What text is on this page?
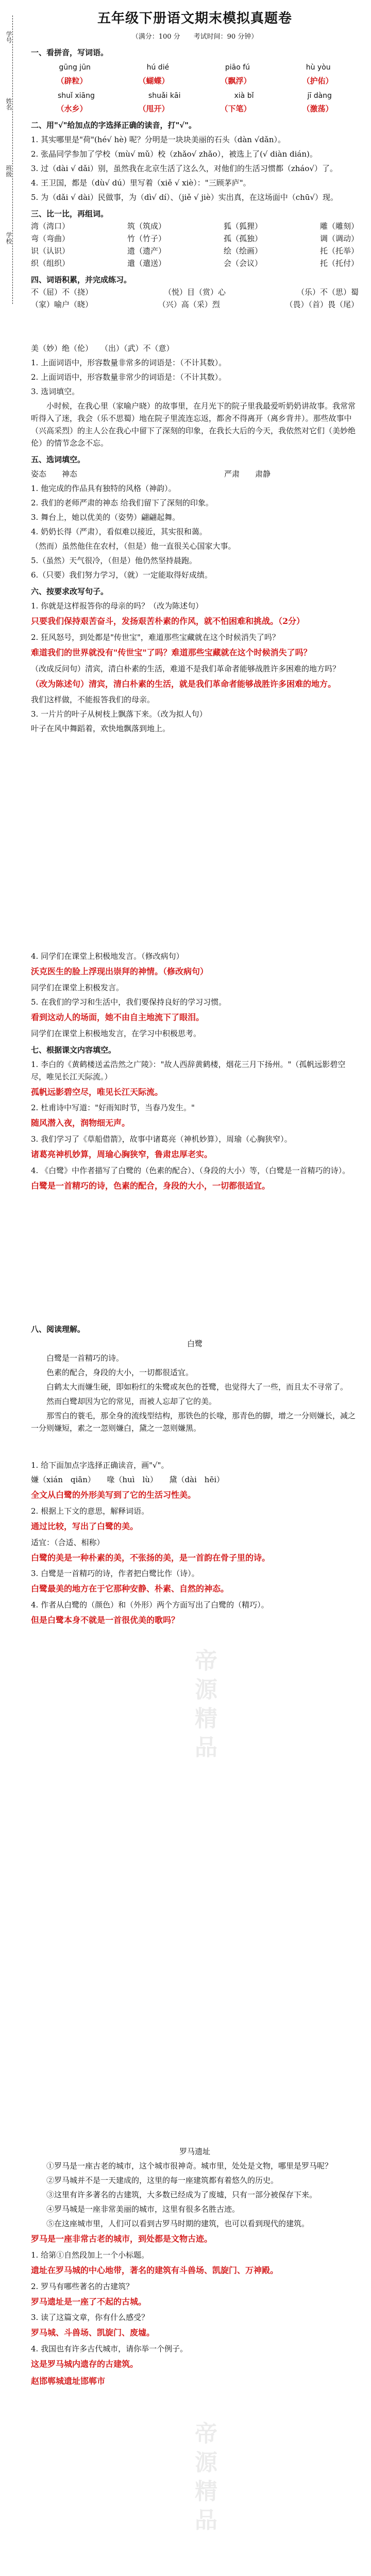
学号
姓名
班级
学校
帝源精品
帝源精品
五年级下册语文期末模拟真题卷
（满分：100 分　　考试时间：90 分钟）
一、看拼音，写词语。
gūng jūn	hú dié	piāo fú	hù yòu
（辟粒）	（蝴蝶）	（飘浮）	（护佑）
shuǐ xiāng	shuǎi kāi	xià bǐ	jī dàng
（水乡）	（甩开）	（下笔）	（激荡）
二、用"√"给加点的字选择正确的读音，打"√"。
1. 其实哪里是"荷"(hé√ hè) 呢？分明是一块块美丽的石头（dàn √dǎn）。
2. 张晶同学参加了学校（mù√ mǔ）校（zhǎo√ zhǎo），被选上了(√ diàn dián)。
3. 过（dài √ dǎi）别，虽然我在北京生活了这么久，对他们的生活习惯都（zháo√）了。
4. 王卫国，都是（dù√ dú）里写着（xiě √ xiè）："三顾茅庐"。
5. 为（dǎi √ dài）民做事，为（dì√ dí）、（jiě √ jiè）实出真，在这场面中（chū√）现。
三、比一比，再组词。
湾（湾口）	筑（筑成）	狐（狐狸）	雕（雕刻）
弯（弯曲）	竹（竹子）	孤（孤独）	调（调动）
识（认识）	遗（遗产）	绘（绘画）	托（托举）
织（组织）	遣（遣送）	会（会议）	托（托付）
四、词语积累，并完成练习。
不（屈）不（挠）	（悦）目（赏）心	（乐）不（思）蜀
（家）喻户（晓）	（兴）高（采）烈	（畏）（首）畏（尾）
美（妙）绝（伦）　　（出）（武）不（意）
1. 上面词语中，形容数量非常多的词语是：（不计其数）。
2. 上面词语中，形容数量非常少的词语是：（不计其数）。
3. 选词填空。
小时候，在我心里（家喻户晓）的故事里，在月光下的院子里我最爱听奶奶讲故事。我常常听得入了迷，我会（乐不思蜀）地在院子里流连忘返，都舍不得离开（离乡背井）。那些故事中（兴高采烈）的主人公在我心中留下了深刻的印象，在我长大后的今天，我依然对它们（美妙绝伦）的情节念念不忘。
五、选词填空。
姿态　　神态　　　　　　　　　　　　　　　　　　　严肃　　肃静
1. 他完成的作品具有独特的风格（神韵）。
2. 我们的老师严肃的神态 给我们留下了深刻的印象。
3. 舞台上，她以优美的（姿势）翩翩起舞。
4. 奶奶长得（严肃），看似难以接近，其实很和蔼。
（然而）虽然他住在农村，（但是）他一直很关心国家大事。
5.（虽然）天气很冷，（但是）他仍然坚持晨跑。
6.（只要）我们努力学习，（就）一定能取得好成绩。
六、按要求改写句子。
1. 你就是这样报答你的母亲的吗？（改为陈述句）
只要我们保持艰苦奋斗，发扬艰苦朴素的作风，就不怕困难和挑战。（2分）
2. 狂风怒号，到处都是"传世宝"，难道那些宝藏就在这个时候消失了吗？
难道我们的世界就没有"传世宝"了吗？难道那些宝藏就在这个时候消失了吗？
（改成反问句）清宾，清白朴素的生活，难道不是我们革命者能够战胜许多困难的地方吗？
（改为陈述句）清宾，清白朴素的生活，就是我们革命者能够战胜许多困难的地方。
我们这样做，不能报答我们的母亲。
3. 一片片的叶子从树枝上飘落下来。（改为拟人句）
叶子在风中舞蹈着，欢快地飘落到地上。
4. 同学们在课堂上积极地发言。（修改病句）
沃克医生的脸上浮现出崇拜的神情。（修改病句）
同学们在课堂上积极发言。
5. 在我们的学习和生活中，我们要保持良好的学习习惯。
看到这动人的场面，她不由自主地流下了眼泪。
同学们在课堂上积极地发言，在学习中积极思考。
七、根据课文内容填空。
1. 李白的《黄鹤楼送孟浩然之广陵》："故人西辞黄鹤楼，烟花三月下扬州。"（孤帆远影碧空尽，唯见长江天际流。）
孤帆远影碧空尽，唯见长江天际流。
2. 杜甫诗中写道："好雨知时节，当春乃发生。"
随风潜入夜，润物细无声。
3. 我们学习了《草船借箭》，故事中诸葛亮（神机妙算），周瑜（心胸狭窄）。
诸葛亮神机妙算，周瑜心胸狭窄，鲁肃忠厚老实。
4. 《白鹭》中作者描写了白鹭的（色素的配合）、（身段的大小）等，（白鹭是一首精巧的诗）。
白鹭是一首精巧的诗，色素的配合，身段的大小，一切都很适宜。
八、阅读理解。
白鹭
白鹭是一首精巧的诗。
色素的配合，身段的大小，一切都很适宜。
白鹤太大而嫌生硬，即如粉红的朱鹭或灰色的苍鹭，也觉得大了一些，而且太不寻常了。
然而白鹭却因为它的常见，而被人忘却了它的美。
那雪白的蓑毛，那全身的流线型结构，那铁色的长喙，那青色的脚，增之一分则嫌长，减之一分则嫌短，素之一忽则嫌白，黛之一忽则嫌黑。
1. 给下面加点字选择正确读音，画"√"。
嫌（xián　qiān）　　喙（huì　lù）　　黛（dài　hēi）
全文从白鹭的外形美写到了它的生活习性美。
2. 根据上下文的意思，解释词语。
通过比较，写出了白鹭的美。
适宜：（合适、相称）
白鹭的美是一种朴素的美，不张扬的美，是一首韵在骨子里的诗。
3. 白鹭是一首精巧的诗，作者把白鹭比作（诗）。
白鹭最美的地方在于它那种安静、朴素、自然的神态。
4. 作者从白鹭的（颜色）和（外形）两个方面写出了白鹭的（精巧）。
但是白鹭本身不就是一首很优美的歌吗？
罗马遗址
①罗马是一座古老的城市，这个城市很神奇。城市里，处处是文物，哪里是罗马呢？
②罗马城并不是一天建成的，这里的每一座建筑都有着悠久的历史。
③这里有许多著名的古建筑，大多数已经成为了废墟，只有一部分被保存下来。
④罗马城是一座非常美丽的城市，这里有很多名胜古迹。
⑤在这座城市里，人们可以看到古罗马时期的建筑，也可以看到现代的建筑。
罗马是一座非常古老的城市，到处都是文物古迹。
1. 给第①自然段加上一个小标题。
遗址在罗马城的中心地带，著名的建筑有斗兽场、凯旋门、万神殿。
2. 罗马有哪些著名的古建筑？
罗马遗址是一座了不起的古城。
3. 读了这篇文章，你有什么感受？
罗马城、斗兽场、凯旋门、废墟。
4. 我国也有许多古代城市，请你举一个例子。
这是罗马城内遗存的古建筑。
赵邯郸城遗址邯郸市
